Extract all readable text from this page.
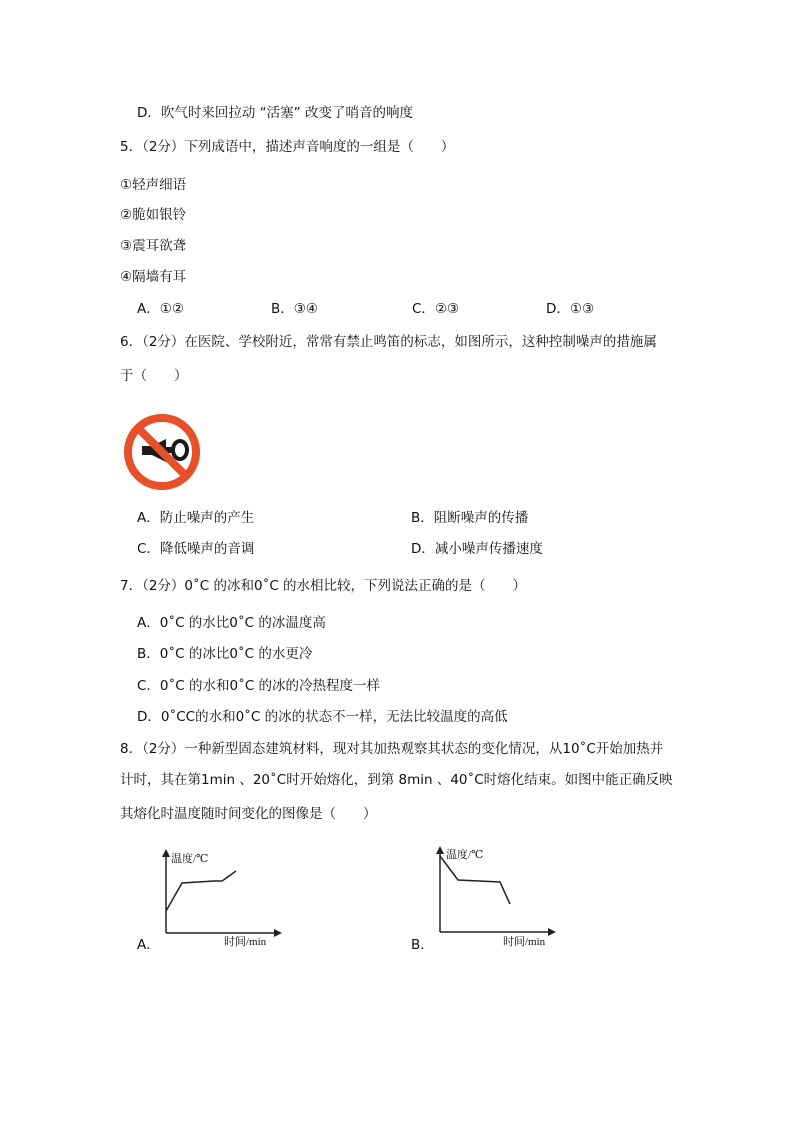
D．吹气时来回拉动 “活塞” 改变了哨音的响度
5．（2分）下列成语中，描述声音响度的一组是（　　）
①轻声细语
②脆如银铃
③震耳欲聋
④隔墙有耳
A．①②	B．③④	C．②③	D．①③
6．（2分）在医院、学校附近，常常有禁止鸣笛的标志，如图所示，这种控制噪声的措施属
于（　　）
A．防止噪声的产生	B．阻断噪声的传播
C．降低噪声的音调	D．减小噪声传播速度
7．（2分）0˚C 的冰和0˚C 的水相比较，下列说法正确的是（　　）
A．0˚C 的水比0˚C 的冰温度高
B．0˚C 的冰比0˚C 的水更冷
C．0˚C 的水和0˚C 的冰的冷热程度一样
D．0˚CC的水和0˚C 的冰的状态不一样，无法比较温度的高低
8．（2分）一种新型固态建筑材料，现对其加热观察其状态的变化情况，从10˚C开始加热并
计时，其在第1min 、20˚C时开始熔化，到第 8min 、40˚C时熔化结束。如图中能正确反映
其熔化时温度随时间变化的图像是（　　）
温度/℃
时间/min
A．
温度/℃
时间/min
B．
